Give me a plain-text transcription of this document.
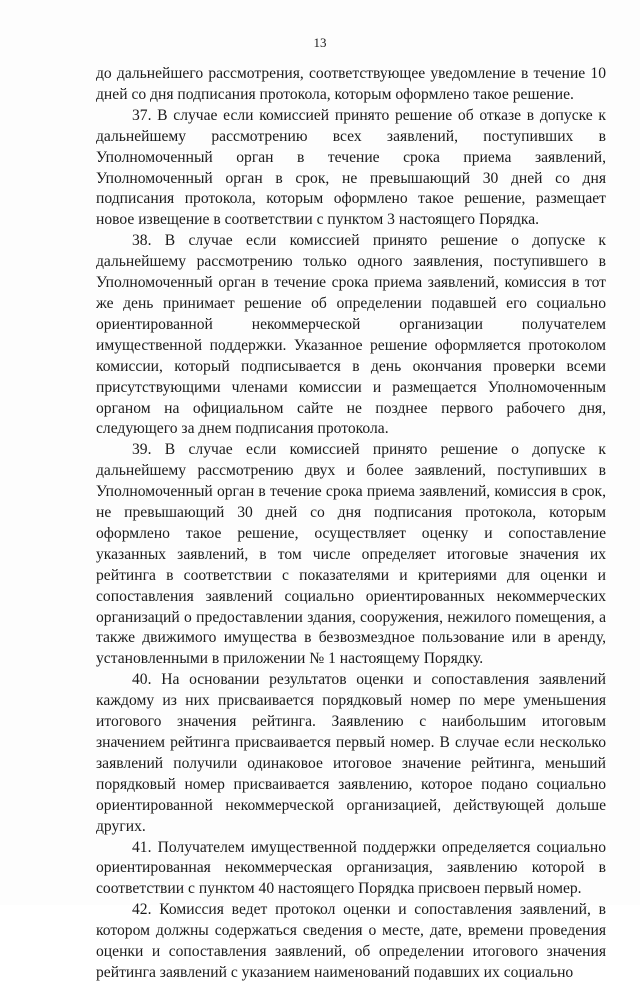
13

до дальнейшего рассмотрения, соответствующее уведомление в течение 10 дней со дня подписания протокола, которым оформлено такое решение.

37. В случае если комиссией принято решение об отказе в допуске к дальнейшему рассмотрению всех заявлений, поступивших в Уполномоченный орган в течение срока приема заявлений, Уполномоченный орган в срок, не превышающий 30 дней со дня подписания протокола, которым оформлено такое решение, размещает новое извещение в соответствии с пунктом 3 настоящего Порядка.

38. В случае если комиссией принято решение о допуске к дальнейшему рассмотрению только одного заявления, поступившего в Уполномоченный орган в течение срока приема заявлений, комиссия в тот же день принимает решение об определении подавшей его социально ориентированной некоммерческой организации получателем имущественной поддержки. Указанное решение оформляется протоколом комиссии, который подписывается в день окончания проверки всеми присутствующими членами комиссии и размещается Уполномоченным органом на официальном сайте не позднее первого рабочего дня, следующего за днем подписания протокола.

39. В случае если комиссией принято решение о допуске к дальнейшему рассмотрению двух и более заявлений, поступивших в Уполномоченный орган в течение срока приема заявлений, комиссия в срок, не превышающий 30 дней со дня подписания протокола, которым оформлено такое решение, осуществляет оценку и сопоставление указанных заявлений, в том числе определяет итоговые значения их рейтинга в соответствии с показателями и критериями для оценки и сопоставления заявлений социально ориентированных некоммерческих организаций о предоставлении здания, сооружения, нежилого помещения, а также движимого имущества в безвозмездное пользование или в аренду, установленными в приложении № 1 настоящему Порядку.

40. На основании результатов оценки и сопоставления заявлений каждому из них присваивается порядковый номер по мере уменьшения итогового значения рейтинга. Заявлению с наибольшим итоговым значением рейтинга присваивается первый номер. В случае если несколько заявлений получили одинаковое итоговое значение рейтинга, меньший порядковый номер присваивается заявлению, которое подано социально ориентированной некоммерческой организацией, действующей дольше других.

41. Получателем имущественной поддержки определяется социально ориентированная некоммерческая организация, заявлению которой в соответствии с пунктом 40 настоящего Порядка присвоен первый номер.

42. Комиссия ведет протокол оценки и сопоставления заявлений, в котором должны содержаться сведения о месте, дате, времени проведения оценки и сопоставления заявлений, об определении итогового значения рейтинга заявлений с указанием наименований подавших их социально
